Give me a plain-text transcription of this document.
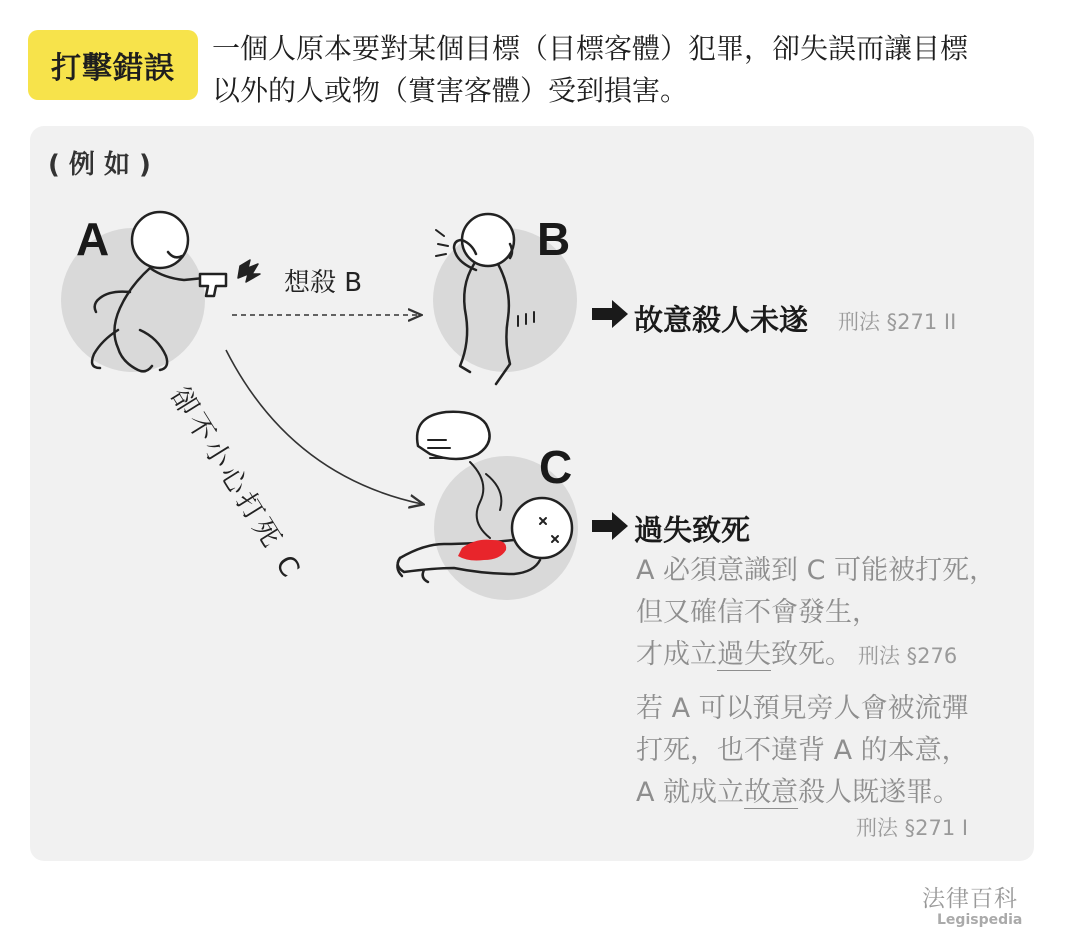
打擊錯誤
一個人原本要對某個目標（目標客體）犯罪，卻失誤而讓目標
以外的人或物（實害客體）受到損害。
( 例 如 )
A	B
C
想殺 B
卻不小心打死 C
故意殺人未遂 刑法 §271 II
過失致死
A 必須意識到 C 可能被打死，
但又確信不會發生，
才成立過失致死。 刑法 §276
若 A 可以預見旁人會被流彈
打死，也不違背 A 的本意，
A 就成立故意殺人既遂罪。
刑法 §271 I
法律百科
Legispedia
